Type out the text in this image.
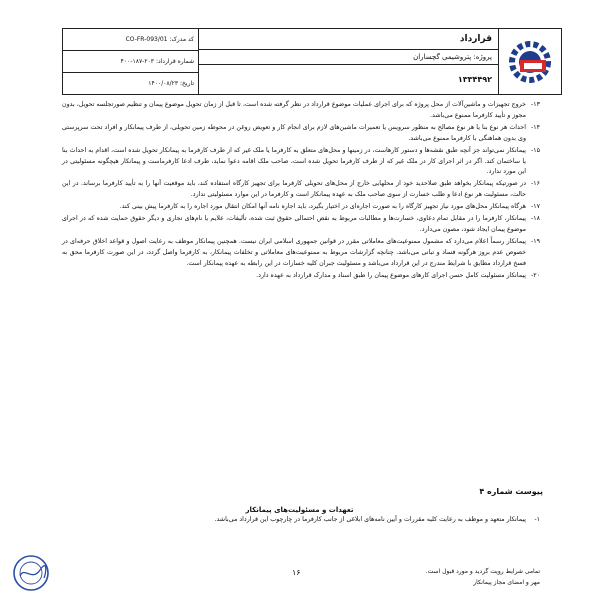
کد مدرک: CO-FR-093/01
شماره قرارداد: ۲۰۳-۱۸۷-۴۰۰
تاریخ: ۱۴۰۰/۰۸/۲۳
قرارداد
پروژه: پتروشیمی گچساران
۱۳۳۴۴۹۲
۱۳-
خروج تجهیزات و ماشین‌آلات از محل پروژه که برای اجرای عملیات موضوع قرارداد در نظر گرفته شده است، تا قبل از زمان تحویل موضوع پیمان و تنظیم صورتجلسه تحویل، بدون مجوز و تأیید کارفرما ممنوع می‌باشد.
۱۴-
احداث هر نوع بنا یا هر نوع مصالح به منظور سرویس یا تعمیرات ماشین‌های لازم برای انجام کار و تعویض روغن در محوطه زمین تحویلی، از طرف پیمانکار و افراد تحت سرپرستی وی بدون هماهنگی با کارفرما ممنوع می‌باشد.
۱۵-
پیمانکار نمی‌تواند جز آنچه طبق نقشه‌ها و دستور کارهاست، در زمینها و محل‌های متعلق به کارفرما یا ملک غیر که از طرف کارفرما به پیمانکار تحویل شده است، اقدام به احداث بنا یا ساختمان کند. اگر در اثر اجرای کار در ملک غیر که از طرف کارفرما تحویل شده است، صاحب ملک اقامه دعوا نماید، طرف ادعا کارفرماست و پیمانکار هیچگونه مسئولیتی در این مورد ندارد.
۱۶-
در صورتیکه پیمانکار بخواهد طبق صلاحدید خود از محلهایی خارج از محل‌های تحویلی کارفرما برای تجهیز کارگاه استفاده کند، باید موقعیت آنها را به تأیید کارفرما برساند. در این حالت، مسئولیت هر نوع ادعا و طلب خسارت از سوی صاحب ملک به عهده پیمانکار است و کارفرما در این موارد مسئولیتی ندارد.
۱۷-
هرگاه پیمانکار محل‌های مورد نیاز تجهیز کارگاه را به صورت اجاره‌ای در اختیار بگیرد، باید اجاره نامه آنها امکان انتقال مورد اجاره را به کارفرما پیش بینی کند.
۱۸-
پیمانکار، کارفرما را در مقابل تمام دعاوی، خسارت‌ها و مطالبات مربوط به نقض احتمالی حقوق ثبت شده، تألیفات، علایم یا نام‌های تجاری و دیگر حقوق حمایت شده که در اجرای موضوع پیمان ایجاد شود، مصون می‌دارد.
۱۹-
پیمانکار رسماً اعلام می‌دارد که مشمول ممنوعیت‌های معاملاتی مقرر در قوانین جمهوری اسلامی ایران نیست. همچنین پیمانکار موظف به رعایت اصول و قواعد اخلاق حرفه‌ای در خصوص عدم بروز هرگونه فساد و تبانی می‌باشد. چنانچه گزارشات مربوط به ممنوعیت‌های معاملاتی و تخلفات پیمانکار، به کارفرما واصل گردد، در این صورت کارفرما محق به فسخ قرارداد مطابق با شرایط مندرج در این قرارداد می‌باشد و مسئولیت جبران کلیه خسارات در این رابطه به عهده پیمانکار است.
۲۰-
پیمانکار مسئولیت کامل حسن اجرای کارهای موضوع پیمان را طبق اسناد و مدارک قرارداد به عهده دارد.
پیوست شماره ۴
تعهدات و مسئولیت‌های پیمانکار
۱-
پیمانکار متعهد و موظف به رعایت کلیه مقررات و آیین نامه‌های ابلاغی از جانب کارفرما در چارچوب این قرارداد می‌باشد.
تمامی شرایط رویت گردید و مورد قبول است.
مهر و امضای مجاز پیمانکار
۱۶
